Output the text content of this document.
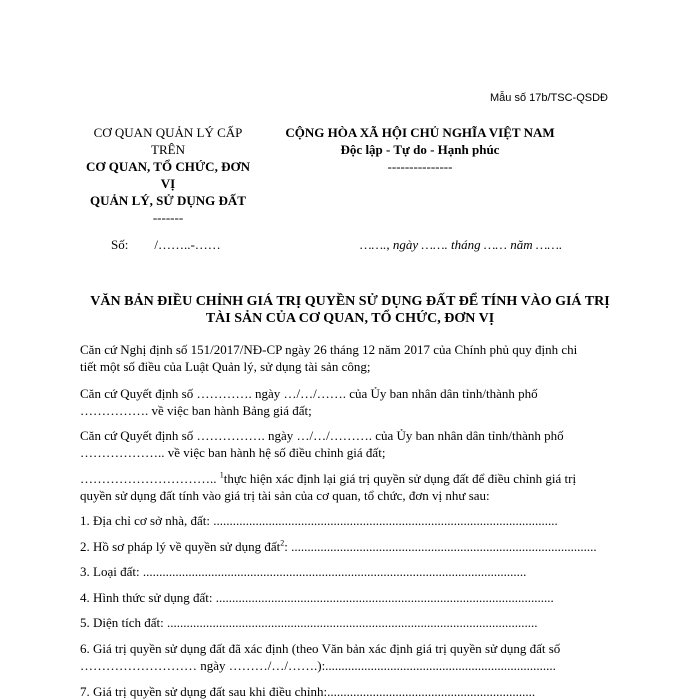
Mẫu số 17b/TSC-QSDĐ
CƠ QUAN QUẢN LÝ CẤP
TRÊN
CƠ QUAN, TỔ CHỨC, ĐƠN
VỊ
QUẢN LÝ, SỬ DỤNG ĐẤT
-------
CỘNG HÒA XÃ HỘI CHỦ NGHĨA VIỆT NAM
Độc lập - Tự do - Hạnh phúc
---------------
Số:        /……..-……	……., ngày ……. tháng …… năm …….
VĂN BẢN ĐIỀU CHỈNH GIÁ TRỊ QUYỀN SỬ DỤNG ĐẤT ĐỂ TÍNH VÀO GIÁ TRỊ
TÀI SẢN CỦA CƠ QUAN, TỔ CHỨC, ĐƠN VỊ
Căn cứ Nghị định số 151/2017/NĐ-CP ngày 26 tháng 12 năm 2017 của Chính phủ quy định chi
tiết một số điều của Luật Quản lý, sử dụng tài sản công;
Căn cứ Quyết định số …………. ngày …/…/……. của Ủy ban nhân dân tỉnh/thành phố
……………. về việc ban hành Bảng giá đất;
Căn cứ Quyết định số ……………. ngày …/…/………. của Ủy ban nhân dân tỉnh/thành phố
……………….. về việc ban hành hệ số điều chỉnh giá đất;
………………………….. $^1$thực hiện xác định lại giá trị quyền sử dụng đất để điều chỉnh giá trị
quyền sử dụng đất tính vào giá trị tài sản của cơ quan, tổ chức, đơn vị như sau:
1. Địa chỉ cơ sở nhà, đất: ..........................................................................................................
2. Hồ sơ pháp lý về quyền sử dụng đất$^2$: ..............................................................................................
3. Loại đất: ......................................................................................................................
4. Hình thức sử dụng đất: ........................................................................................................
5. Diện tích đất: ..................................................................................................................
6. Giá trị quyền sử dụng đất đã xác định (theo Văn bản xác định giá trị quyền sử dụng đất số
……………………… ngày ………/…/…….):.......................................................................
7. Giá trị quyền sử dụng đất sau khi điều chỉnh:................................................................
